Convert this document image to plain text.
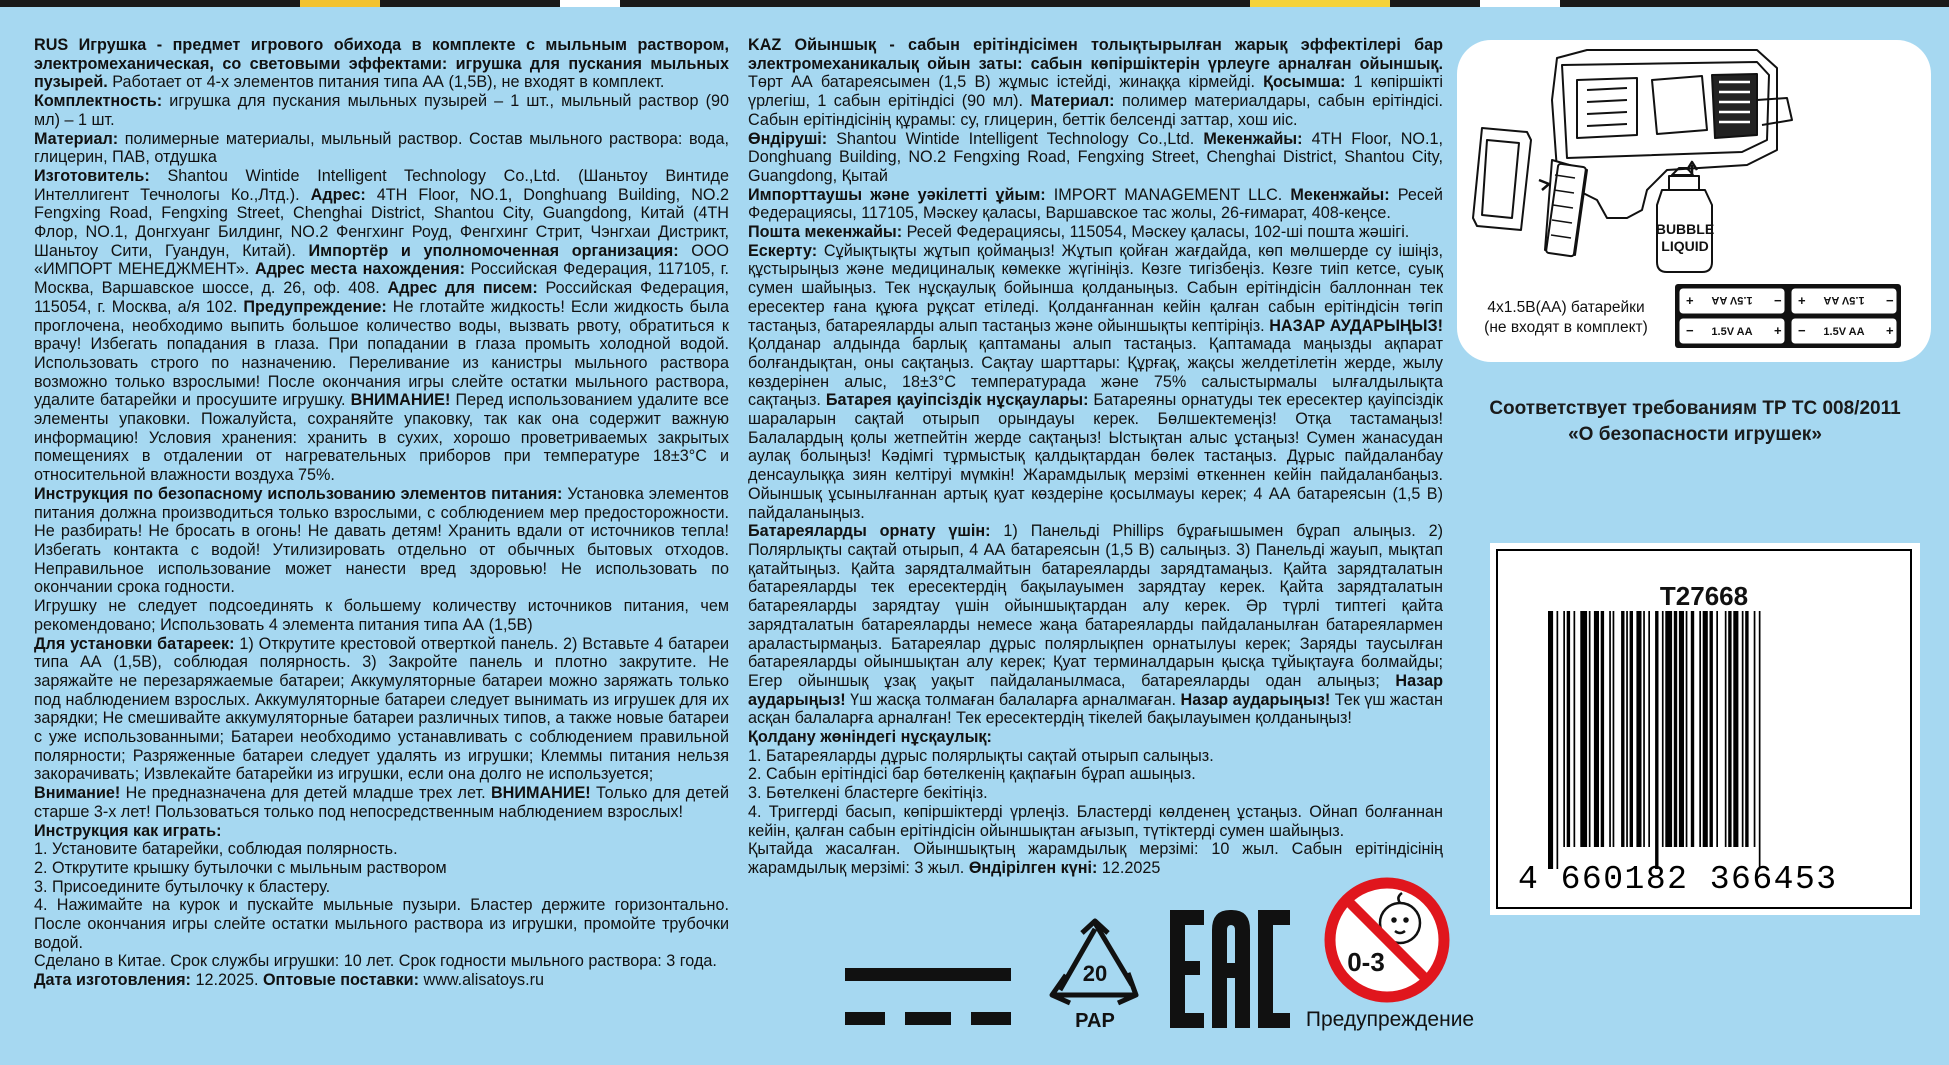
RUS Игрушка - предмет игрового обихода в комплекте с мыльным раствором, электромеханическая, со световыми эффектами: игрушка для пускания мыльных пузырей. Работает от 4-х элементов питания типа АА (1,5В), не входят в комплект.

Комплектность: игрушка для пускания мыльных пузырей – 1 шт., мыльный раствор (90 мл) – 1 шт.

Материал: полимерные материалы, мыльный раствор. Состав мыльного раствора: вода, глицерин, ПАВ, отдушка

Изготовитель: Shantou Wintide Intelligent Technology Co.,Ltd. (Шаньтоу Винтиде Интеллигент Течнологы Ко.,Лтд.). Адрес: 4TH Floor, NO.1, Donghuang Building, NO.2 Fengxing Road, Fengxing Street, Chenghai District, Shantou City, Guangdong, Китай (4TH Флор, NO.1, Донгхуанг Билдинг, NO.2 Фенгхинг Роуд, Фенгхинг Стрит, Чэнгхаи Дистрикт, Шаньтоу Сити, Гуандун, Китай). Импортёр и уполномоченная организация: ООО «ИМПОРТ МЕНЕДЖМЕНТ». Адрес места нахождения: Российская Федерация, 117105, г. Москва, Варшавское шоссе, д. 26, оф. 408. Адрес для писем: Российская Федерация, 115054, г. Москва, а/я 102. Предупреждение: Не глотайте жидкость! Если жидкость была проглочена, необходимо выпить большое количество воды, вызвать рвоту, обратиться к врачу! Избегать попадания в глаза. При попадании в глаза промыть холодной водой. Использовать строго по назначению. Переливание из канистры мыльного раствора возможно только взрослыми! После окончания игры слейте остатки мыльного раствора, удалите батарейки и просушите игрушку. ВНИМАНИЕ! Перед использованием удалите все элементы упаковки. Пожалуйста, сохраняйте упаковку, так как она содержит важную информацию! Условия хранения: хранить в сухих, хорошо проветриваемых закрытых помещениях в отдалении от нагревательных приборов при температуре 18±3°С и относительной влажности воздуха 75%.

Инструкция по безопасному использованию элементов питания: Установка элементов питания должна производиться только взрослыми, с соблюдением мер предосторожности. Не разбирать! Не бросать в огонь! Не давать детям! Хранить вдали от источников тепла! Избегать контакта с водой! Утилизировать отдельно от обычных бытовых отходов. Неправильное использование может нанести вред здоровью! Не использовать по окончании срока годности.

Игрушку не следует подсоединять к большему количеству источников питания, чем рекомендовано; Использовать 4 элемента питания типа АА (1,5В)

Для установки батареек: 1) Открутите крестовой отверткой панель. 2) Вставьте 4 батареи типа АА (1,5В), соблюдая полярность. 3) Закройте панель и плотно закрутите. Не заряжайте не перезаряжаемые батареи; Аккумуляторные батареи можно заряжать только под наблюдением взрослых. Аккумуляторные батареи следует вынимать из игрушек для их зарядки; Не смешивайте аккумуляторные батареи различных типов, а также новые батареи с уже использованными; Батареи необходимо устанавливать с соблюдением правильной полярности; Разряженные батареи следует удалять из игрушки; Клеммы питания нельзя закорачивать; Извлекайте батарейки из игрушки, если она долго не используется;

Внимание! Не предназначена для детей младше трех лет. ВНИМАНИЕ! Только для детей старше 3-х лет! Пользоваться только под непосредственным наблюдением взрослых!

Инструкция как играть:

1. Установите батарейки, соблюдая полярность.

2. Открутите крышку бутылочки с мыльным раствором

3. Присоедините бутылочку к бластеру.

4. Нажимайте на курок и пускайте мыльные пузыри. Бластер держите горизонтально. После окончания игры слейте остатки мыльного раствора из игрушки, промойте трубочки водой.

Сделано в Китае. Срок службы игрушки: 10 лет. Срок годности мыльного раствора: 3 года.

Дата изготовления: 12.2025. Оптовые поставки: www.alisatoys.ru

KAZ Ойыншық - сабын ерітіндісімен толықтырылған жарық эффектілері бар электромеханикалық ойын заты: сабын көпіршіктерін үрлеуге арналған ойыншық. Төрт АА батареясымен (1,5 В) жұмыс істейді, жинаққа кірмейді. Қосымша: 1 көпіршікті үрлегіш, 1 сабын ерітіндісі (90 мл). Материал: полимер материалдары, сабын ерітіндісі. Сабын ерітіндісінің құрамы: су, глицерин, беттік белсенді заттар, хош иіс.

Өндіруші: Shantou Wintide Intelligent Technology Co.,Ltd. Мекенжайы: 4TH Floor, NO.1, Donghuang Building, NO.2 Fengxing Road, Fengxing Street, Chenghai District, Shantou City, Guangdong, Қытай

Импорттаушы және уәкілетті ұйым: IMPORT MANAGEMENT LLC. Мекенжайы: Ресей Федерациясы, 117105, Мәскеу қаласы, Варшавское тас жолы, 26-ғимарат, 408-кеңсе.

Пошта мекенжайы: Ресей Федерациясы, 115054, Мәскеу қаласы, 102-ші пошта жәшігі.

Ескерту: Сұйықтықты жұтып қоймаңыз! Жұтып қойған жағдайда, көп мөлшерде су ішіңіз, құстырыңыз және медициналық көмекке жүгініңіз. Көзге тигізбеңіз. Көзге тиіп кетсе, суық сумен шайыңыз. Тек нұсқаулық бойынша қолданыңыз. Сабын ерітіндісін баллоннан тек ересектер ғана құюға рұқсат етіледі. Қолданғаннан кейін қалған сабын ерітіндісін төгіп тастаңыз, батареяларды алып тастаңыз және ойыншықты кептіріңіз. НАЗАР АУДАРЫҢЫЗ! Қолданар алдында барлық қаптаманы алып тастаңыз. Қаптамада маңызды ақпарат болғандықтан, оны сақтаңыз. Сақтау шарттары: Құрғақ, жақсы желдетілетін жерде, жылу көздерінен алыс, 18±3°С температурада және 75% салыстырмалы ылғалдылықта сақтаңыз. Батарея қауіпсіздік нұсқаулары: Батареяны орнатуды тек ересектер қауіпсіздік шараларын сақтай отырып орындауы керек. Бөлшектемеңіз! Отқа тастамаңыз! Балалардың қолы жетпейтін жерде сақтаңыз! Ыстықтан алыс ұстаңыз! Сумен жанасудан аулақ болыңыз! Кәдімгі тұрмыстық қалдықтардан бөлек тастаңыз. Дұрыс пайдаланбау денсаулыққа зиян келтіруі мүмкін! Жарамдылық мерзімі өткеннен кейін пайдаланбаңыз. Ойыншық ұсынылғаннан артық қуат көздеріне қосылмауы керек; 4 АА батареясын (1,5 В) пайдаланыңыз.

Батареяларды орнату үшін: 1) Панельді Phillips бұрағышымен бұрап алыңыз. 2) Полярлықты сақтай отырып, 4 АА батареясын (1,5 В) салыңыз. 3) Панельді жауып, мықтап қатайтыңыз. Қайта зарядталмайтын батареяларды зарядтамаңыз. Қайта зарядталатын батареяларды тек ересектердің бақылауымен зарядтау керек. Қайта зарядталатын батареяларды зарядтау үшін ойыншықтардан алу керек. Әр түрлі типтегі қайта зарядталатын батареяларды немесе жаңа батареяларды пайдаланылған батареялармен араластырмаңыз. Батареялар дұрыс полярлықпен орнатылуы керек; Заряды таусылған батареяларды ойыншықтан алу керек; Қуат терминалдарын қысқа тұйықтауға болмайды; Егер ойыншық ұзақ уақыт пайдаланылмаса, батареяларды одан алыңыз; Назар аударыңыз! Үш жасқа толмаған балаларға арналмаған. Назар аударыңыз! Тек үш жастан асқан балаларға арналған! Тек ересектердің тікелей бақылауымен қолданыңыз!

Қолдану жөніндегі нұсқаулық:

1. Батареяларды дұрыс полярлықты сақтай отырып салыңыз.

2. Сабын ерітіндісі бар бөтелкенің қақпағын бұрап ашыңыз.

3. Бөтелкені бластерге бекітіңіз.

4. Триггерді басып, көпіршіктерді үрлеңіз. Бластерді көлденең ұстаңыз. Ойнап болғаннан кейін, қалған сабын ерітіндісін ойыншықтан ағызып, түтіктерді сумен шайыңыз.

Қытайда жасалған. Ойыншықтың жарамдылық мерзімі: 10 жыл. Сабын ерітіндісінің жарамдылық мерзімі: 3 жыл. Өндірілген күні: 12.2025

BUBBLE
LIQUID
1.5V AA	1.5V AA
1.5V AA	1.5V AA
+	− +	−
−	+ −	+
4x1.5В(АА) батарейки
(не входят в комплект)
Соответствует требованиям ТР ТС 008/2011
«О безопасности игрушек»
T27668
4 660182 366453
20
PAP
0-3
Предупреждение
